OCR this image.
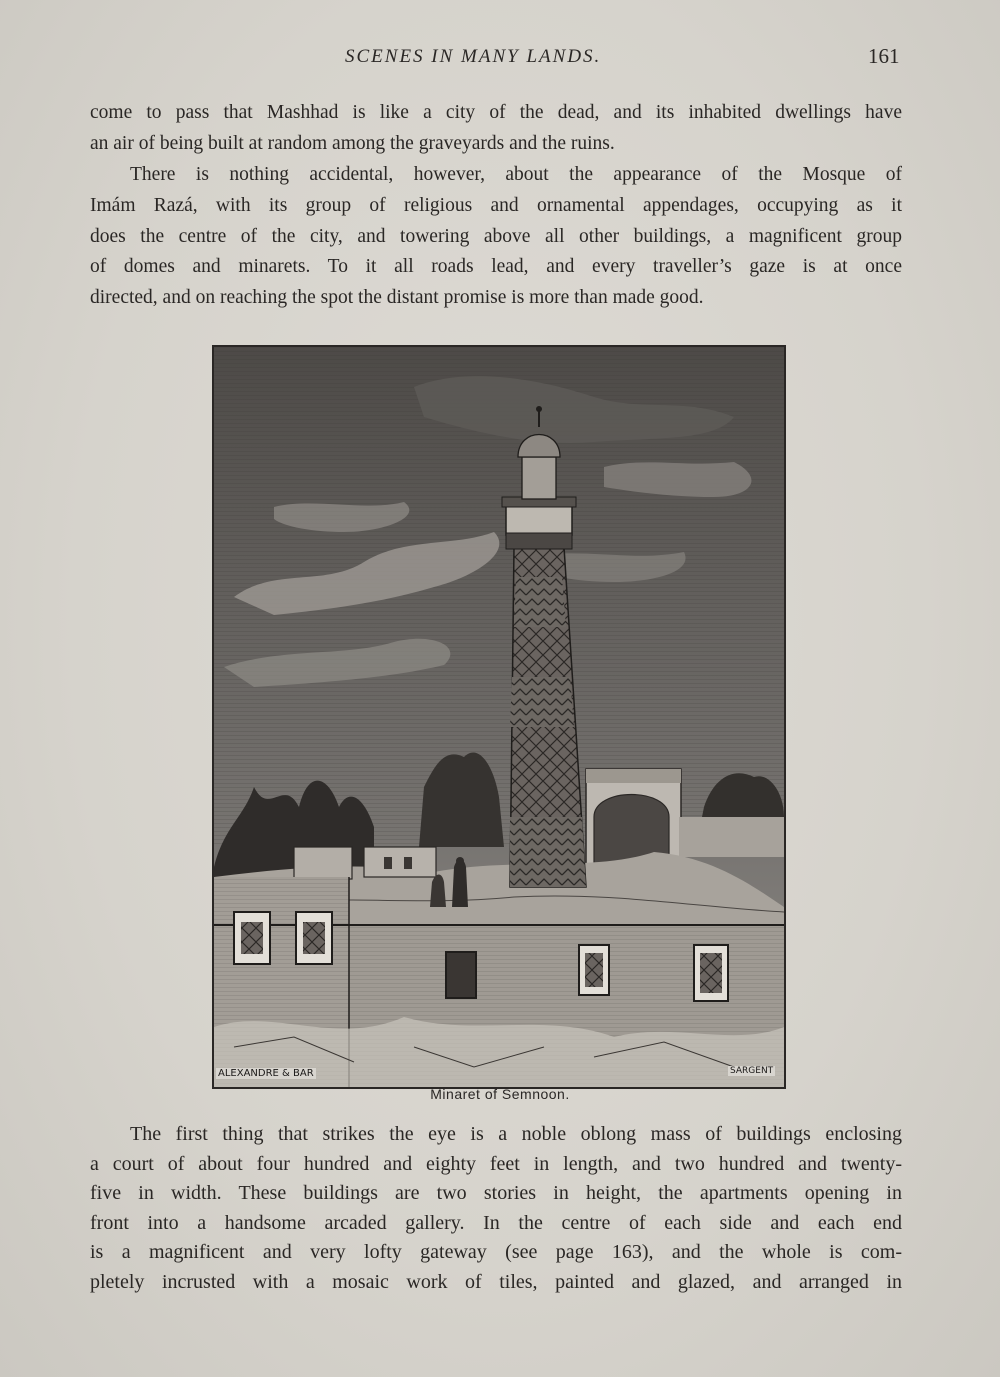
SCENES IN MANY LANDS.	161
come to pass that Mashhad is like a city of the dead, and its inhabited dwellings have
an air of being built at random among the graveyards and the ruins.
There is nothing accidental, however, about the appearance of the Mosque of
Imám Razá, with its group of religious and ornamental appendages, occupying as it
does the centre of the city, and towering above all other buildings, a magnificent group
of domes and minarets. To it all roads lead, and every traveller’s gaze is at once
directed, and on reaching the spot the distant promise is more than made good.
ALEXANDRE & BAR	SARGENT
Minaret of Semnoon.
The first thing that strikes the eye is a noble oblong mass of buildings enclosing
a court of about four hundred and eighty feet in length, and two hundred and twenty-
five in width. These buildings are two stories in height, the apartments opening in
front into a handsome arcaded gallery. In the centre of each side and each end
is a magnificent and very lofty gateway (see page 163), and the whole is com-
pletely incrusted with a mosaic work of tiles, painted and glazed, and arranged in
